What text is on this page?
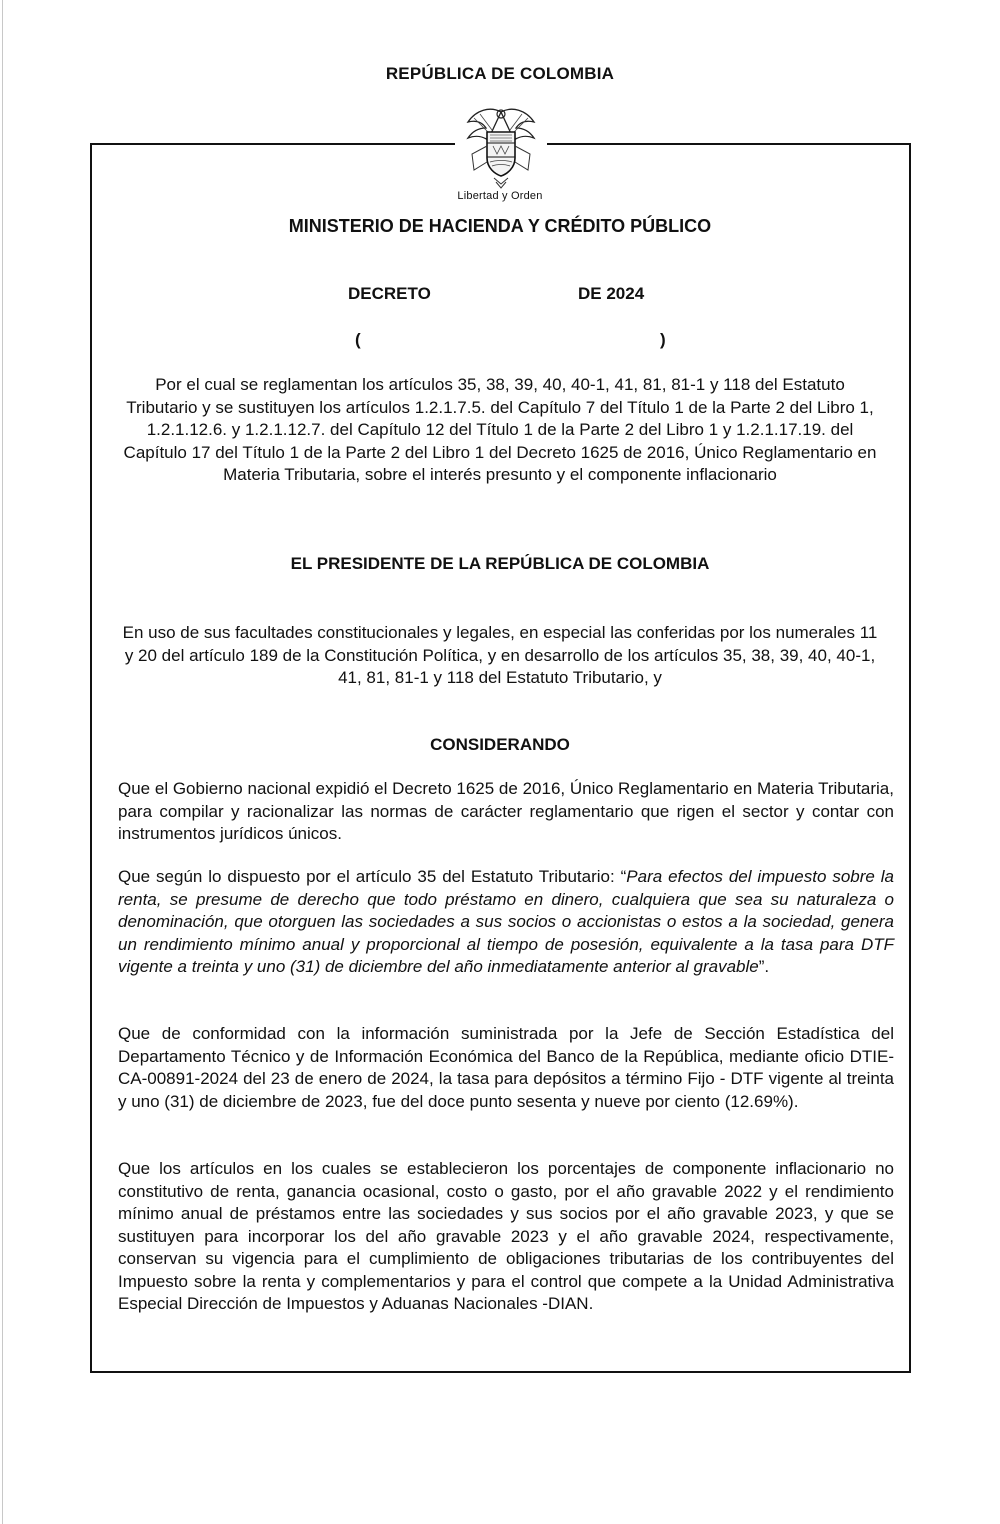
REPÚBLICA DE COLOMBIA
Libertad y Orden
MINISTERIO DE HACIENDA Y CRÉDITO PÚBLICO
DECRETO	DE 2024
(	)
Por el cual se reglamentan los artículos 35, 38, 39, 40, 40-1, 41, 81, 81-1 y 118 del Estatuto Tributario y se sustituyen los artículos 1.2.1.7.5. del Capítulo 7 del Título 1 de la Parte 2 del Libro 1, 1.2.1.12.6. y 1.2.1.12.7. del Capítulo 12 del Título 1 de la Parte 2 del Libro 1 y 1.2.1.17.19. del Capítulo 17 del Título 1 de la Parte 2 del Libro 1 del Decreto 1625 de 2016, Único Reglamentario en Materia Tributaria, sobre el interés presunto y el componente inflacionario
EL PRESIDENTE DE LA REPÚBLICA DE COLOMBIA
En uso de sus facultades constitucionales y legales, en especial las conferidas por los numerales 11 y 20 del artículo 189 de la Constitución Política, y en desarrollo de los artículos 35, 38, 39, 40, 40-1, 41, 81, 81-1 y 118 del Estatuto Tributario, y
CONSIDERANDO
Que el Gobierno nacional expidió el Decreto 1625 de 2016, Único Reglamentario en Materia Tributaria, para compilar y racionalizar las normas de carácter reglamentario que rigen el sector y contar con instrumentos jurídicos únicos.
Que según lo dispuesto por el artículo 35 del Estatuto Tributario: “Para efectos del impuesto sobre la renta, se presume de derecho que todo préstamo en dinero, cualquiera que sea su naturaleza o denominación, que otorguen las sociedades a sus socios o accionistas o estos a la sociedad, genera un rendimiento mínimo anual y proporcional al tiempo de posesión, equivalente a la tasa para DTF vigente a treinta y uno (31) de diciembre del año inmediatamente anterior al gravable”.
Que de conformidad con la información suministrada por la Jefe de Sección Estadística del Departamento Técnico y de Información Económica del Banco de la República, mediante oficio DTIE-CA-00891-2024 del 23 de enero de 2024, la tasa para depósitos a término Fijo - DTF vigente al treinta y uno (31) de diciembre de 2023, fue del doce punto sesenta y nueve por ciento (12.69%).
Que los artículos en los cuales se establecieron los porcentajes de componente inflacionario no constitutivo de renta, ganancia ocasional, costo o gasto, por el año gravable 2022 y el rendimiento mínimo anual de préstamos entre las sociedades y sus socios por el año gravable 2023, y que se sustituyen para incorporar los del año gravable 2023 y el año gravable 2024, respectivamente, conservan su vigencia para el cumplimiento de obligaciones tributarias de los contribuyentes del Impuesto sobre la renta y complementarios y para el control que compete a la Unidad Administrativa Especial Dirección de Impuestos y Aduanas Nacionales -DIAN.
